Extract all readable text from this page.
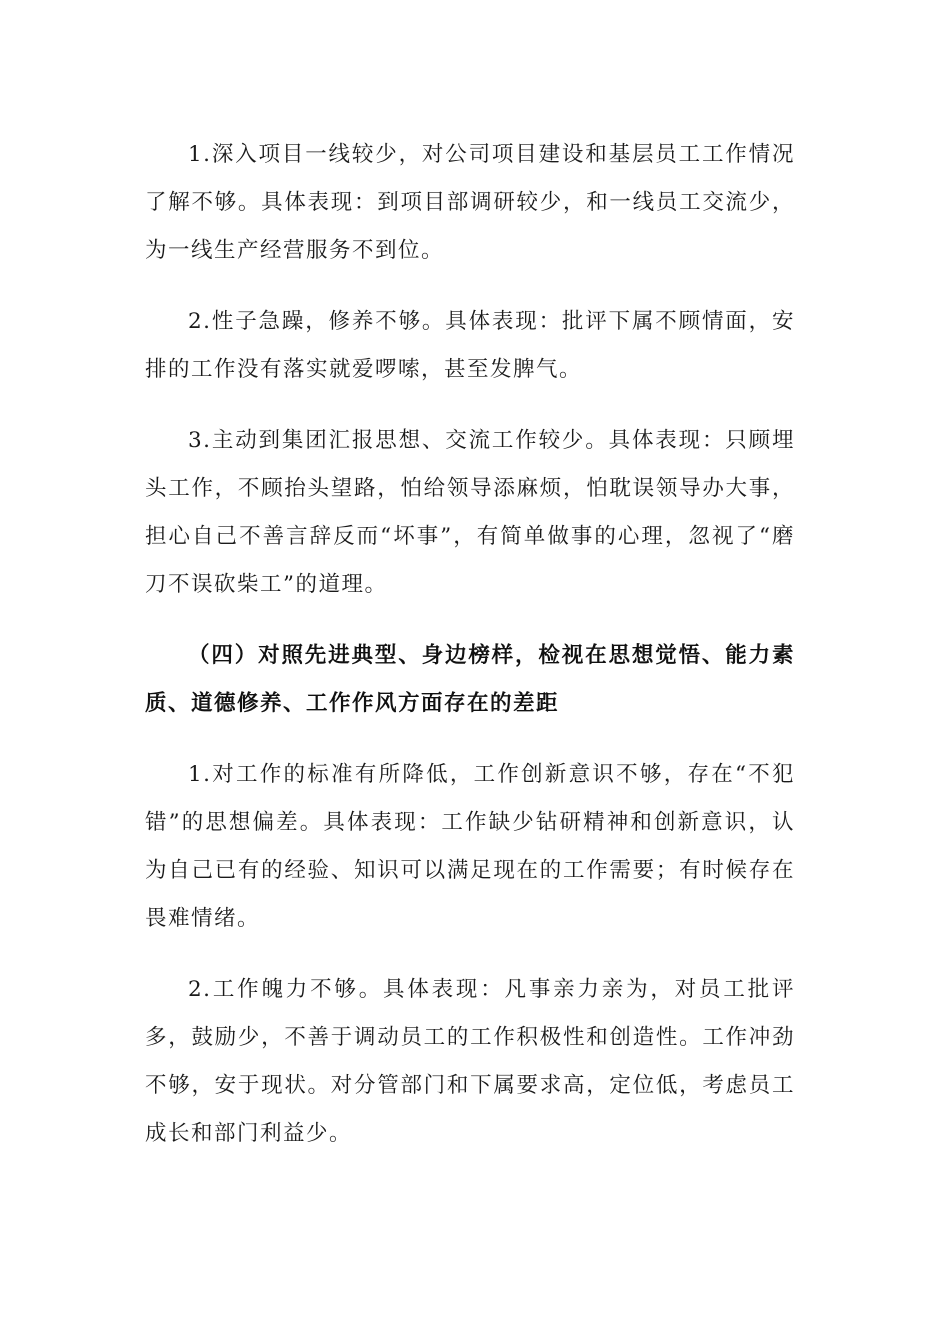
1.深入项目一线较少，对公司项目建设和基层员工工作情况了解不够。具体表现：到项目部调研较少，和一线员工交流少，为一线生产经营服务不到位。

2.性子急躁，修养不够。具体表现：批评下属不顾情面，安排的工作没有落实就爱啰嗦，甚至发脾气。

3.主动到集团汇报思想、交流工作较少。具体表现：只顾埋头工作，不顾抬头望路，怕给领导添麻烦，怕耽误领导办大事，担心自己不善言辞反而“坏事”，有简单做事的心理，忽视了“磨刀不误砍柴工”的道理。

（四）对照先进典型、身边榜样，检视在思想觉悟、能力素质、道德修养、工作作风方面存在的差距

1.对工作的标准有所降低，工作创新意识不够，存在“不犯错”的思想偏差。具体表现：工作缺少钻研精神和创新意识，认为自己已有的经验、知识可以满足现在的工作需要；有时候存在畏难情绪。

2.工作魄力不够。具体表现：凡事亲力亲为，对员工批评多，鼓励少，不善于调动员工的工作积极性和创造性。工作冲劲不够，安于现状。对分管部门和下属要求高，定位低，考虑员工成长和部门利益少。
